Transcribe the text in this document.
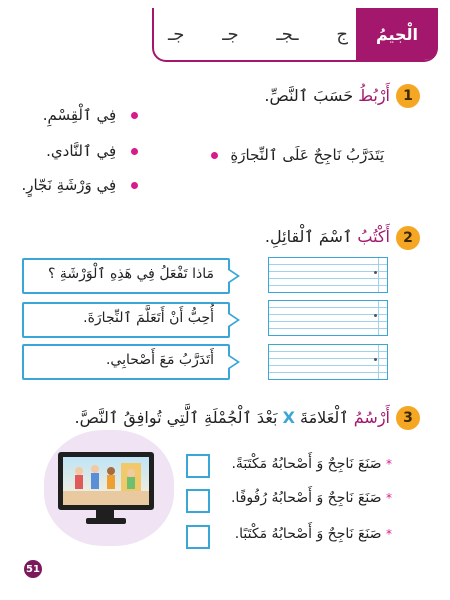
ج
ـجـ
جـ
جـ	الْجيمُ
1
أَرْبُطُ حَسَبَ ٱلنَّصِّ.
يَتَدَرَّبُ نَاجِحٌ عَلَى ٱلنِّجارَةِ
فِي ٱلْقِسْمِ.
فِي ٱلنَّادي.
فِي وَرْشَةِ نَجّارٍ.
2
أَكْتُبُ ٱسْمَ ٱلْقائِلِ.
مَاذا تَفْعَلُ فِي هَذِهِ ٱلْوَرْشَةِ ؟
أُحِبُّ أَنْ أَتَعَلَّمَ ٱلنِّجارَةَ.
أَتَدَرَّبُ مَعَ أَصْحابِي.
3
أَرْسُمُ ٱلْعَلامَةَ X بَعْدَ ٱلْجُمْلَةِ ٱلَّتِي تُوافِقُ ٱلنَّصَّ.
* صَنَعَ نَاجِحٌ وَ أَصْحابُهُ مَكْتَبَةً.
* صَنَعَ نَاجِحٌ وَ أَصْحابُهُ رُفُوفًا.
* صَنَعَ نَاجِحٌ وَ أَصْحابُهُ مَكْتَبًا.
51
